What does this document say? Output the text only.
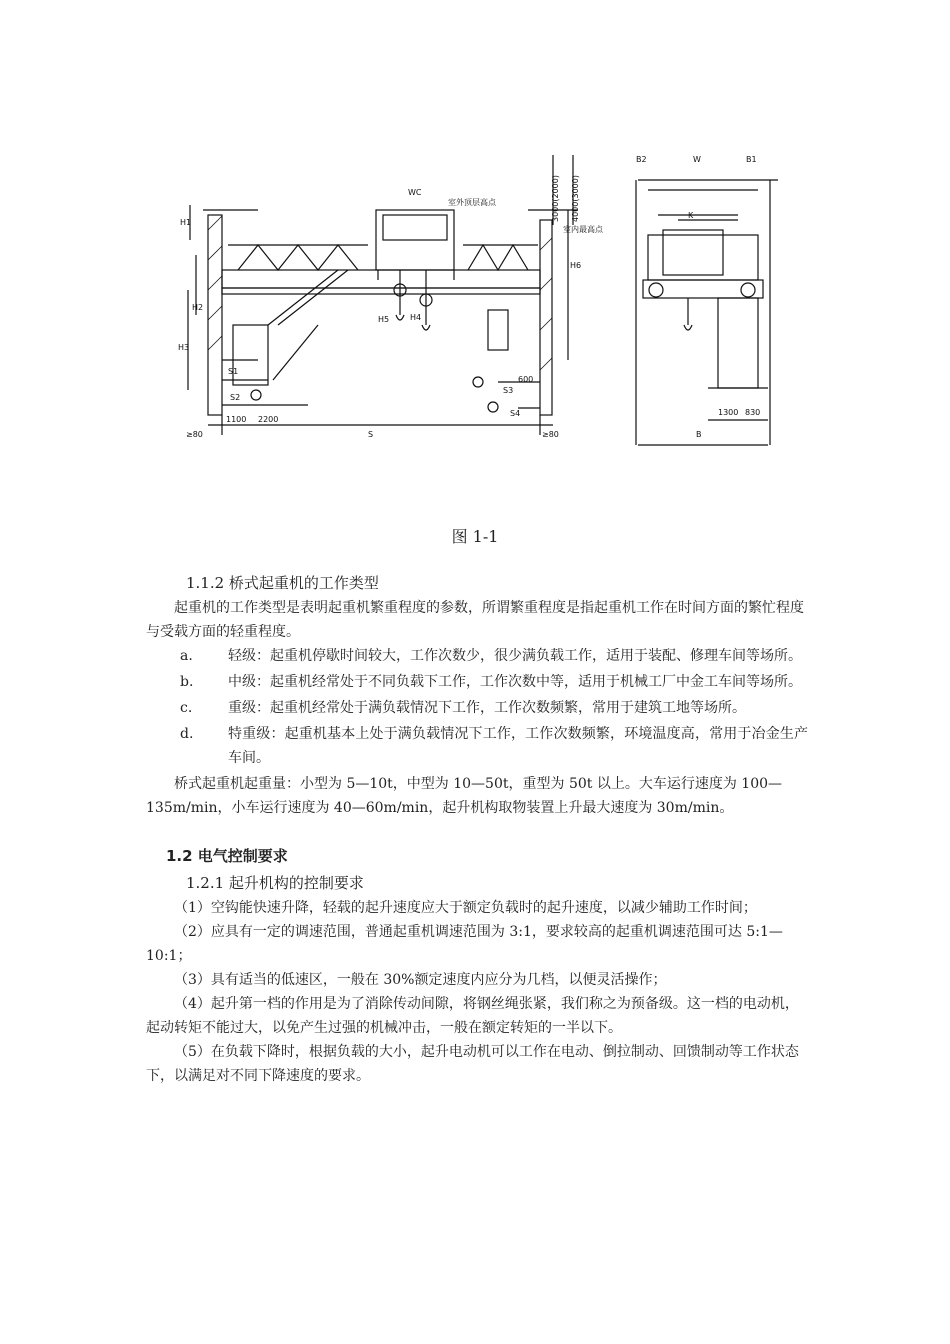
WC
室外顶层高点
室内最高点
H1
H2
H3
H4
H5
H6
S1
S2
S3
S4
600
1100 2200
S
≥80	≥80
B2	W	B1
K
1300 830
B
3000(2000) 4000(3000)
图 1-1
1.1.2 桥式起重机的工作类型

起重机的工作类型是表明起重机繁重程度的参数，所谓繁重程度是指起重机工作在时间方面的繁忙程度与受载方面的轻重程度。

a.	轻级：起重机停歇时间较大，工作次数少，很少满负载工作，适用于装配、修理车间等场所。
b.	中级：起重机经常处于不同负载下工作，工作次数中等，适用于机械工厂中金工车间等场所。
c.	重级：起重机经常处于满负载情况下工作，工作次数频繁，常用于建筑工地等场所。
d.	特重级：起重机基本上处于满负载情况下工作，工作次数频繁，环境温度高，常用于冶金生产车间。

桥式起重机起重量：小型为 5—10t，中型为 10—50t，重型为 50t 以上。大车运行速度为 100—135m/min，小车运行速度为 40—60m/min，起升机构取物装置上升最大速度为 30m/min。

1.2 电气控制要求
1.2.1 起升机构的控制要求

（1）空钩能快速升降，轻载的起升速度应大于额定负载时的起升速度，以减少辅助工作时间；

（2）应具有一定的调速范围，普通起重机调速范围为 3:1，要求较高的起重机调速范围可达 5:1—10:1；

（3）具有适当的低速区，一般在 30%额定速度内应分为几档，以便灵活操作；

（4）起升第一档的作用是为了消除传动间隙，将钢丝绳张紧，我们称之为预备级。这一档的电动机，起动转矩不能过大，以免产生过强的机械冲击，一般在额定转矩的一半以下。

（5）在负载下降时，根据负载的大小，起升电动机可以工作在电动、倒拉制动、回馈制动等工作状态下，以满足对不同下降速度的要求。
